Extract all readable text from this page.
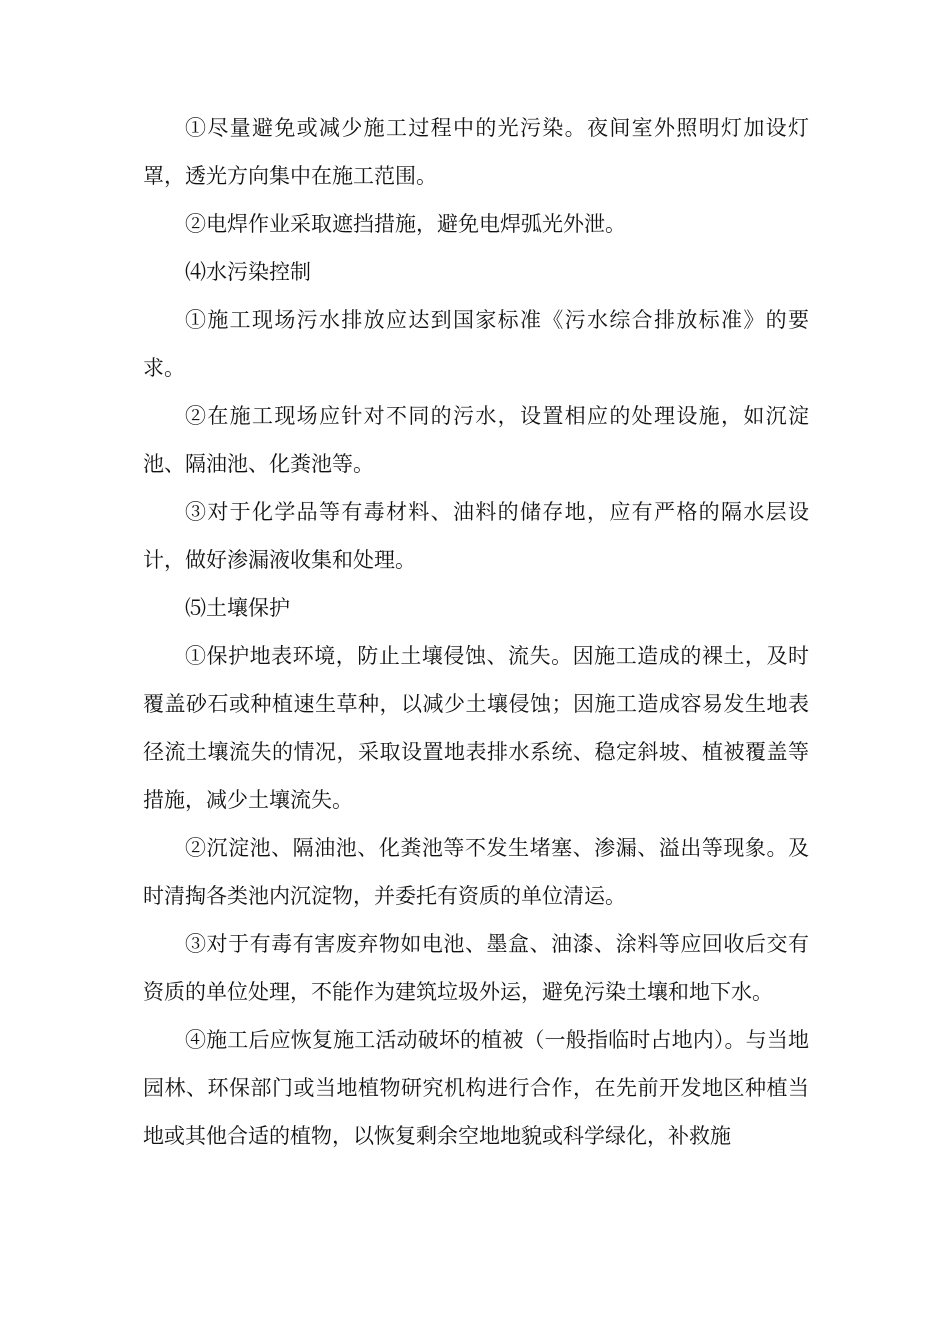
①尽量避免或减少施工过程中的光污染。夜间室外照明灯加设灯罩，透光方向集中在施工范围。

②电焊作业采取遮挡措施，避免电焊弧光外泄。

⑷水污染控制

①施工现场污水排放应达到国家标准《污水综合排放标准》的要求。

②在施工现场应针对不同的污水，设置相应的处理设施，如沉淀池、隔油池、化粪池等。

③对于化学品等有毒材料、油料的储存地，应有严格的隔水层设计，做好渗漏液收集和处理。

⑸土壤保护

①保护地表环境，防止土壤侵蚀、流失。因施工造成的裸土，及时覆盖砂石或种植速生草种，以减少土壤侵蚀；因施工造成容易发生地表径流土壤流失的情况，采取设置地表排水系统、稳定斜坡、植被覆盖等措施，减少土壤流失。

②沉淀池、隔油池、化粪池等不发生堵塞、渗漏、溢出等现象。及时清掏各类池内沉淀物，并委托有资质的单位清运。

③对于有毒有害废弃物如电池、墨盒、油漆、涂料等应回收后交有资质的单位处理，不能作为建筑垃圾外运，避免污染土壤和地下水。

④施工后应恢复施工活动破坏的植被（一般指临时占地内）。与当地园林、环保部门或当地植物研究机构进行合作，在先前开发地区种植当地或其他合适的植物，以恢复剩余空地地貌或科学绿化，补救施
